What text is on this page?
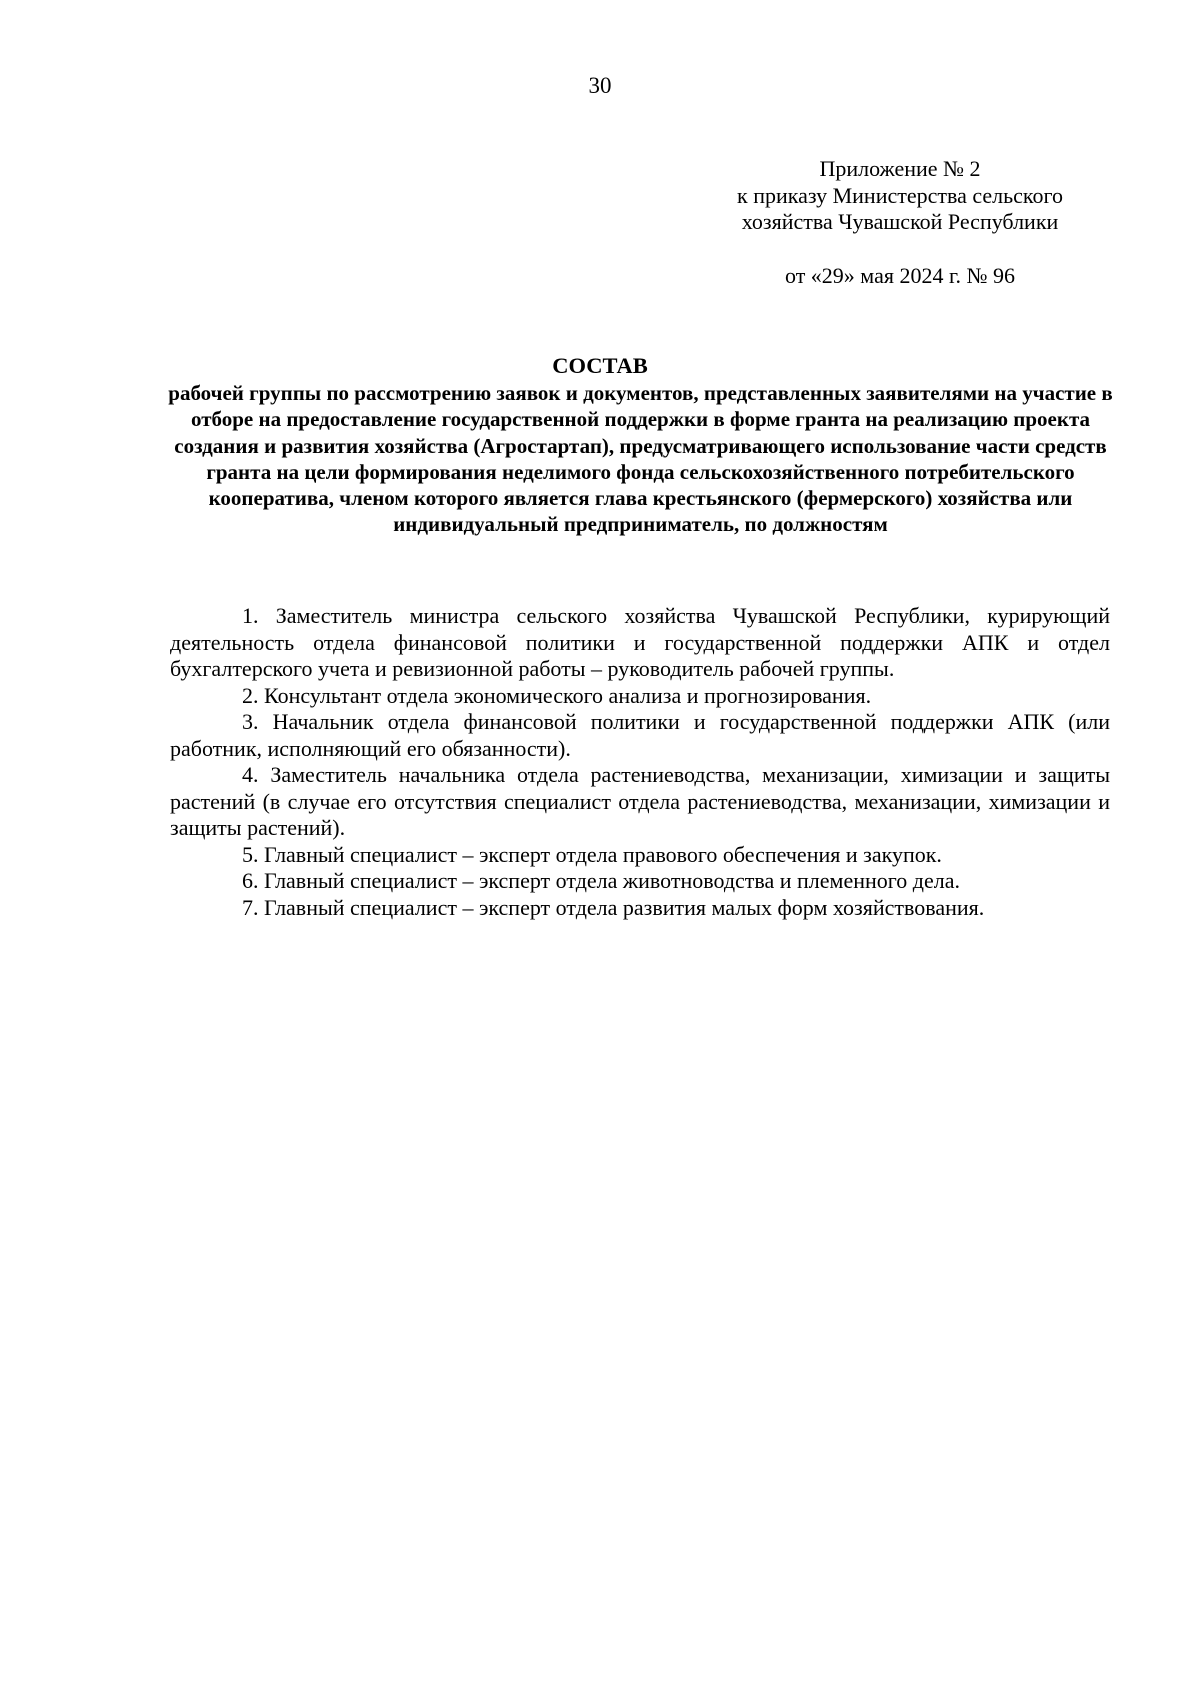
30
Приложение № 2
к приказу Министерства сельского
хозяйства Чувашской Республики
от «29» мая 2024 г. № 96
СОСТАВ
рабочей группы по рассмотрению заявок и документов, представленных заявителями на участие в отборе на предоставление государственной поддержки в форме гранта на реализацию проекта создания и развития хозяйства (Агростартап), предусматривающего использование части средств гранта на цели формирования неделимого фонда сельскохозяйственного потребительского кооператива, членом которого является глава крестьянского (фермерского) хозяйства или индивидуальный предприниматель, по должностям

1. Заместитель министра сельского хозяйства Чувашской Республики, курирующий деятельность отдела финансовой политики и государственной поддержки АПК и отдел бухгалтерского учета и ревизионной работы – руководитель рабочей группы.

2. Консультант отдела экономического анализа и прогнозирования.

3. Начальник отдела финансовой политики и государственной поддержки АПК (или работник, исполняющий его обязанности).

4. Заместитель начальника отдела растениеводства, механизации, химизации и защиты растений (в случае его отсутствия специалист отдела растениеводства, механизации, химизации и защиты растений).

5. Главный специалист – эксперт отдела правового обеспечения и закупок.

6. Главный специалист – эксперт отдела животноводства и племенного дела.

7. Главный специалист – эксперт отдела развития малых форм хозяйствования.
